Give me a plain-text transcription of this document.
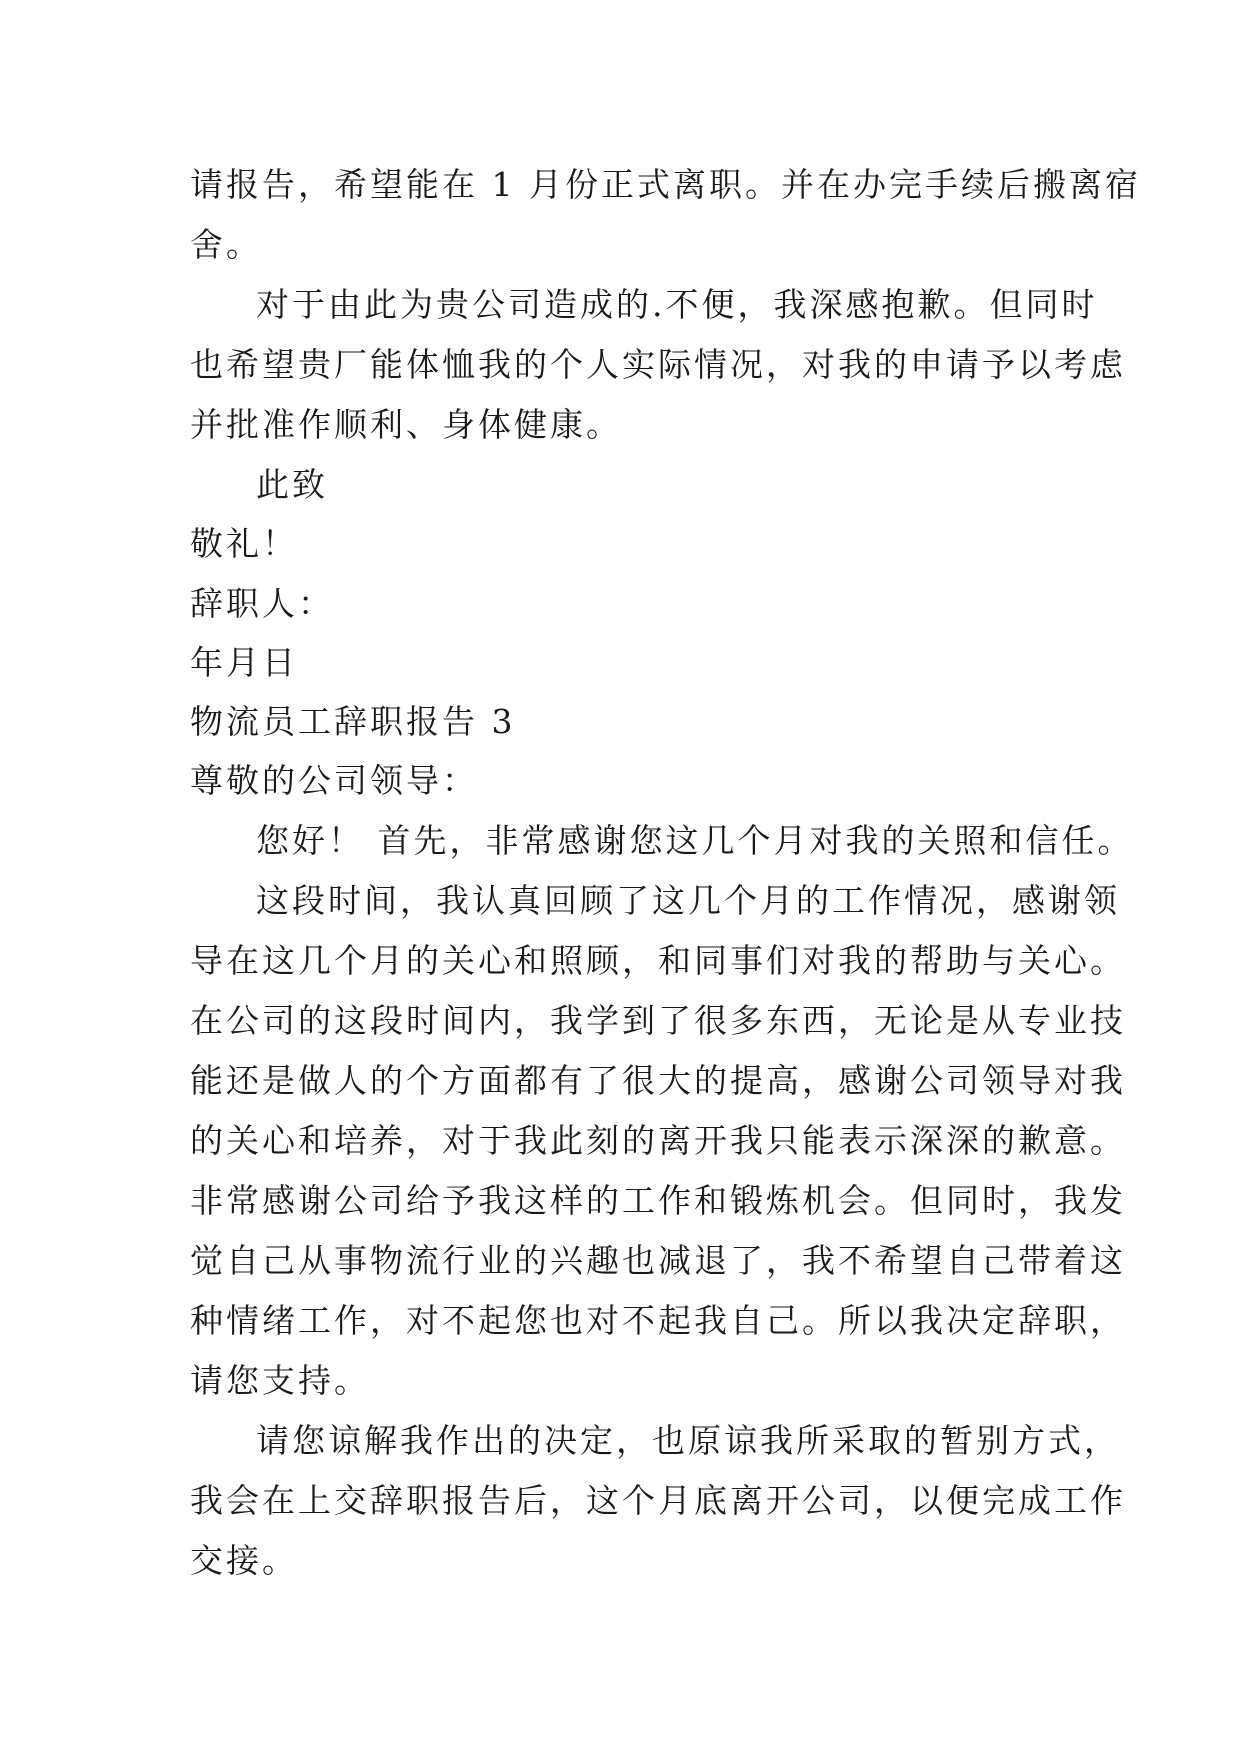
请报告，希望能在 1 月份正式离职。并在办完手续后搬离宿
舍。
对于由此为贵公司造成的.不便，我深感抱歉。但同时
也希望贵厂能体恤我的个人实际情况，对我的申请予以考虑
并批准作顺利、身体健康。
此致
敬礼！
辞职人：
年月日
物流员工辞职报告 3
尊敬的公司领导：
您好！ 首先，非常感谢您这几个月对我的关照和信任。
这段时间，我认真回顾了这几个月的工作情况，感谢领
导在这几个月的关心和照顾，和同事们对我的帮助与关心。
在公司的这段时间内，我学到了很多东西，无论是从专业技
能还是做人的个方面都有了很大的提高，感谢公司领导对我
的关心和培养，对于我此刻的离开我只能表示深深的歉意。
非常感谢公司给予我这样的工作和锻炼机会。但同时，我发
觉自己从事物流行业的兴趣也减退了，我不希望自己带着这
种情绪工作，对不起您也对不起我自己。所以我决定辞职，
请您支持。
请您谅解我作出的决定，也原谅我所采取的暂别方式，
我会在上交辞职报告后，这个月底离开公司，以便完成工作
交接。
